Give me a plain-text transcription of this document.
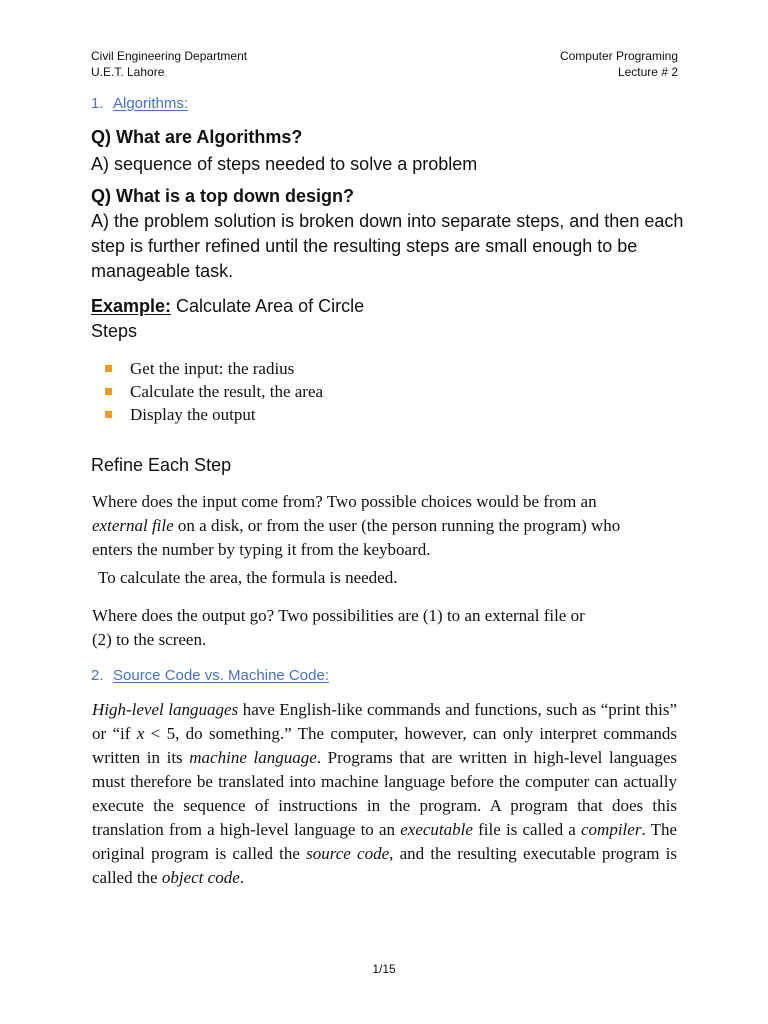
Civil Engineering Department
U.E.T. Lahore
Computer Programing
Lecture # 2
1. Algorithms:
Q) What are Algorithms?
A) sequence of steps needed to solve a problem
Q) What is a top down design?
A) the problem solution is broken down into separate steps, and then each step is further refined until the resulting steps are small enough to be manageable task.
Example: Calculate Area of Circle
Steps
Get the input: the radius
Calculate the result, the area
Display the output
Refine Each Step
Where does the input come from? Two possible choices would be from an
external file on a disk, or from the user (the person running the program) who
enters the number by typing it from the keyboard.
To calculate the area, the formula is needed.
Where does the output go? Two possibilities are (1) to an external file or
(2) to the screen.
2. Source Code vs. Machine Code:
High-level languages have English-like commands and functions, such as “print this” or “if x < 5, do something.” The computer, however, can only interpret commands written in its machine language. Programs that are written in high-level languages must therefore be translated into machine language before the computer can actually execute the sequence of instructions in the program. A program that does this translation from a high-level language to an executable file is called a compiler. The original program is called the source code, and the resulting executable program is called the object code.
1/15
